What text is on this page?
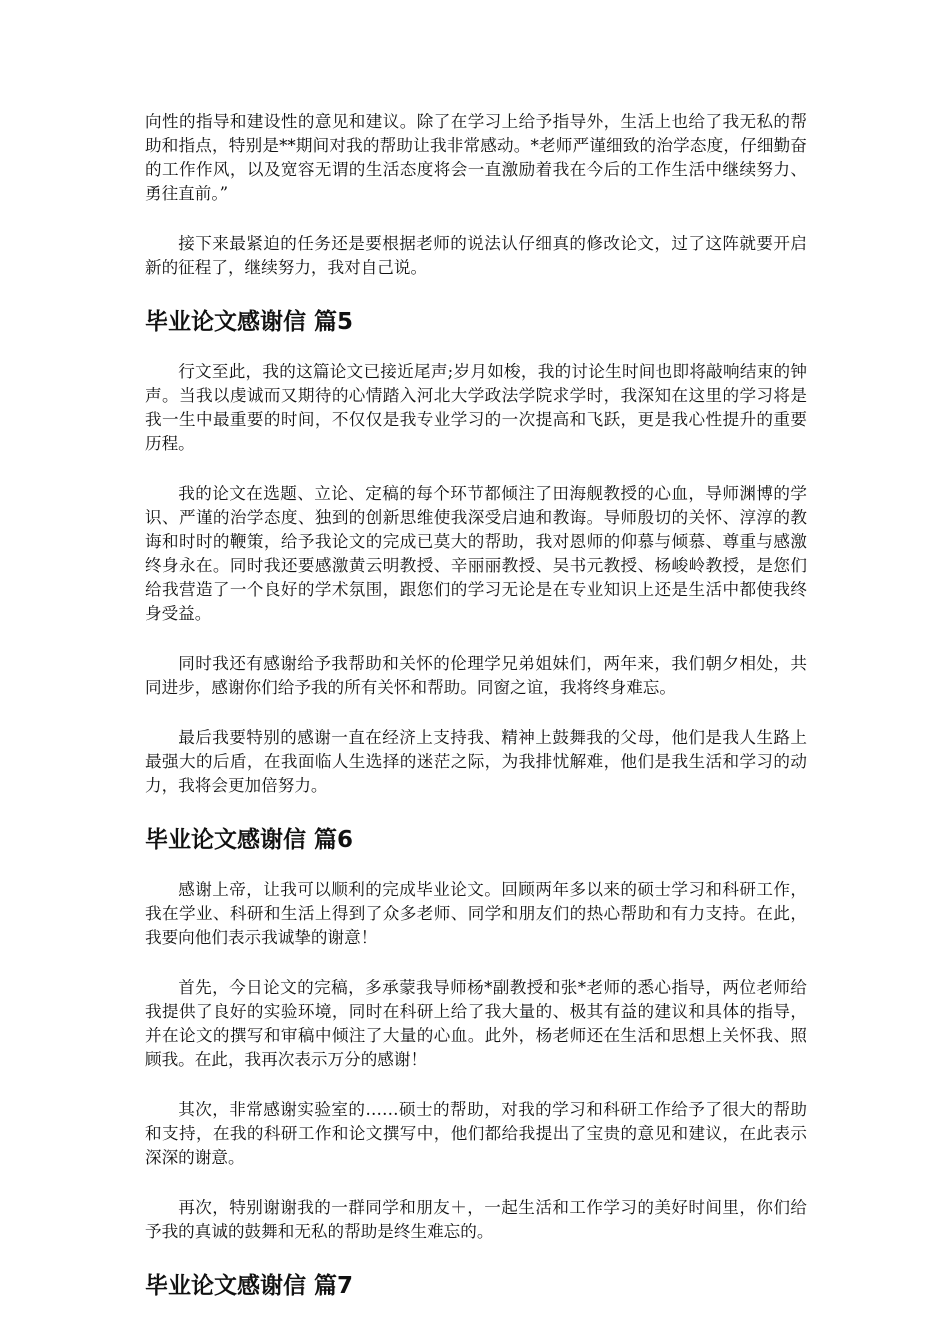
向性的指导和建设性的意见和建议。除了在学习上给予指导外，生活上也给了我无私的帮助和指点，特别是**期间对我的帮助让我非常感动。*老师严谨细致的治学态度，仔细勤奋的工作作风，以及宽容无谓的生活态度将会一直激励着我在今后的工作生活中继续努力、勇往直前。”

接下来最紧迫的任务还是要根据老师的说法认仔细真的修改论文，过了这阵就要开启新的征程了，继续努力，我对自己说。

毕业论文感谢信 篇5

行文至此，我的这篇论文已接近尾声;岁月如梭，我的讨论生时间也即将敲响结束的钟声。当我以虔诚而又期待的心情踏入河北大学政法学院求学时，我深知在这里的学习将是我一生中最重要的时间，不仅仅是我专业学习的一次提高和飞跃，更是我心性提升的重要历程。

我的论文在选题、立论、定稿的每个环节都倾注了田海舰教授的心血，导师渊博的学识、严谨的治学态度、独到的创新思维使我深受启迪和教诲。导师殷切的关怀、淳淳的教诲和时时的鞭策，给予我论文的完成已莫大的帮助，我对恩师的仰慕与倾慕、尊重与感激终身永在。同时我还要感激黄云明教授、辛丽丽教授、吴书元教授、杨峻岭教授，是您们给我营造了一个良好的学术氛围，跟您们的学习无论是在专业知识上还是生活中都使我终身受益。

同时我还有感谢给予我帮助和关怀的伦理学兄弟姐妹们，两年来，我们朝夕相处，共同进步，感谢你们给予我的所有关怀和帮助。同窗之谊，我将终身难忘。

最后我要特别的感谢一直在经济上支持我、精神上鼓舞我的父母，他们是我人生路上最强大的后盾，在我面临人生选择的迷茫之际，为我排忧解难，他们是我生活和学习的动力，我将会更加倍努力。

毕业论文感谢信 篇6

感谢上帝，让我可以顺利的完成毕业论文。回顾两年多以来的硕士学习和科研工作，我在学业、科研和生活上得到了众多老师、同学和朋友们的热心帮助和有力支持。在此，我要向他们表示我诚挚的谢意！

首先，今日论文的完稿，多承蒙我导师杨*副教授和张*老师的悉心指导，两位老师给我提供了良好的实验环境，同时在科研上给了我大量的、极其有益的建议和具体的指导，并在论文的撰写和审稿中倾注了大量的心血。此外，杨老师还在生活和思想上关怀我、照顾我。在此，我再次表示万分的感谢！

其次，非常感谢实验室的……硕士的帮助，对我的学习和科研工作给予了很大的帮助和支持，在我的科研工作和论文撰写中，他们都给我提出了宝贵的意见和建议，在此表示深深的谢意。

再次，特别谢谢我的一群同学和朋友＋，一起生活和工作学习的美好时间里，你们给予我的真诚的鼓舞和无私的帮助是终生难忘的。

毕业论文感谢信 篇7
